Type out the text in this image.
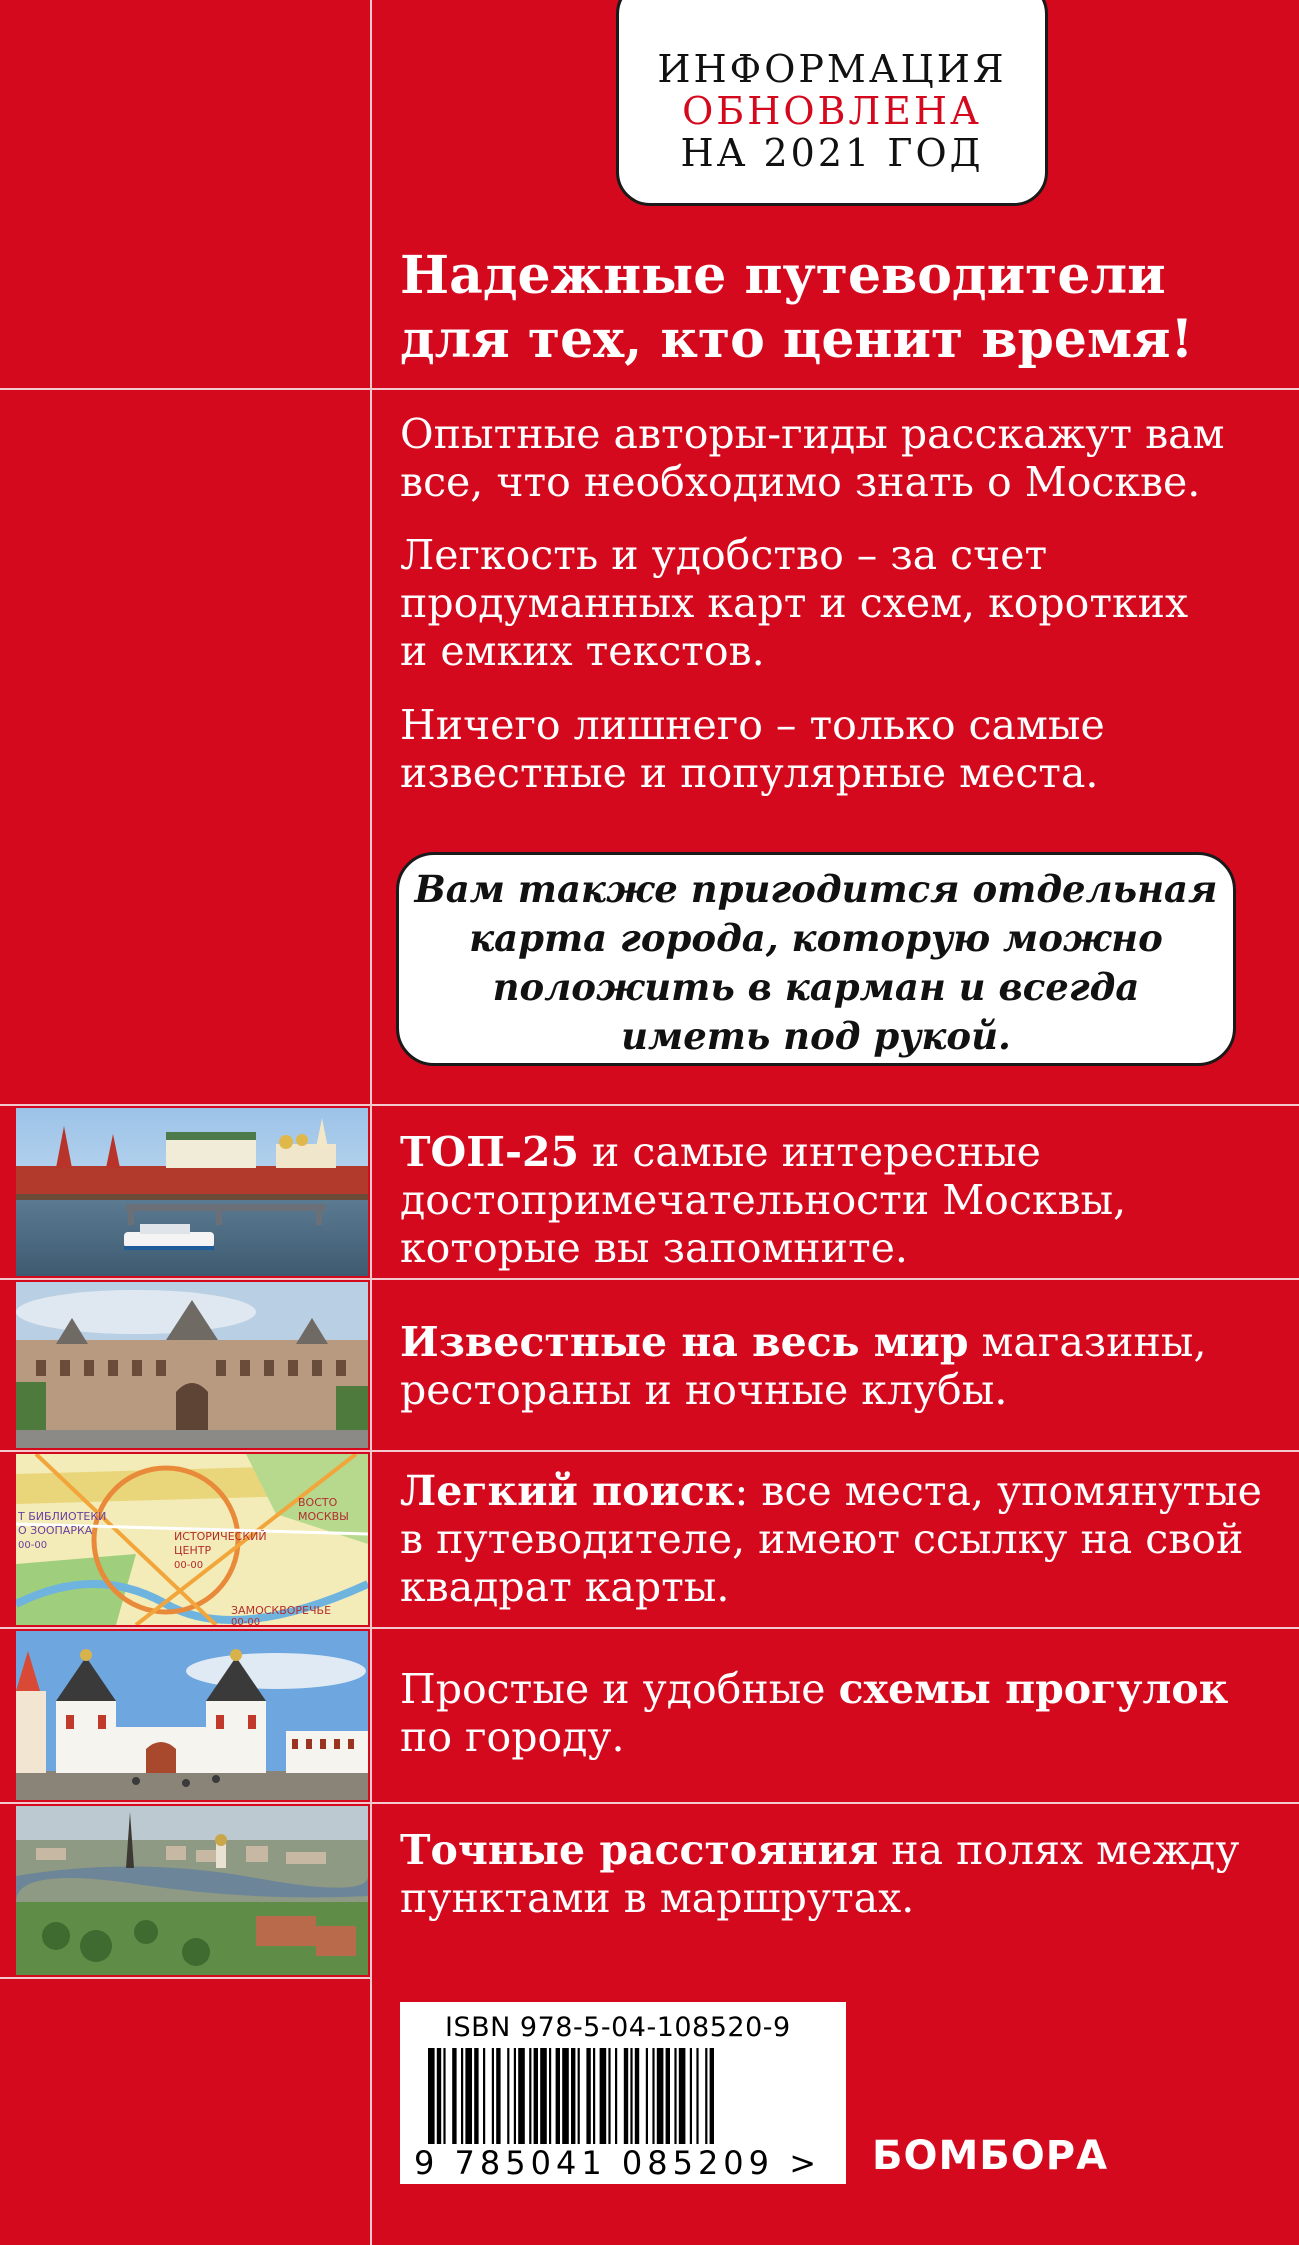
ИНФОРМАЦИЯ
ОБНОВЛЕНА
НА 2021 ГОД
Надежные путеводители
для тех, кто ценит время!
Опытные авторы-гиды расскажут вам
все, что необходимо знать о Москве.
Легкость и удобство – за счет
продуманных карт и схем, коротких
и емких текстов.
Ничего лишнего – только самые
известные и популярные места.
Вам также пригодится отдельная
карта города, которую можно
положить в карман и всегда
иметь под рукой.
ТОП-25 и самые интересные
достопримечательности Москвы,
которые вы запомните.
Известные на весь мир магазины,
рестораны и ночные клубы.
Т БИБЛИОТЕКИ
О ЗООПАРКА
00-00
ИСТОРИЧЕСКИЙ
ЦЕНТР
00-00
ВОСТО
МОСКВЫ
ЗАМОСКВОРЕЧЬЕ
00-00
Легкий поиск: все места, упомянутые
в путеводителе, имеют ссылку на свой
квадрат карты.
Простые и удобные схемы прогулок
по городу.
Точные расстояния на полях между
пунктами в маршрутах.
ISBN 978-5-04-108520-9
9 785041 085209 > БОМБОРА
